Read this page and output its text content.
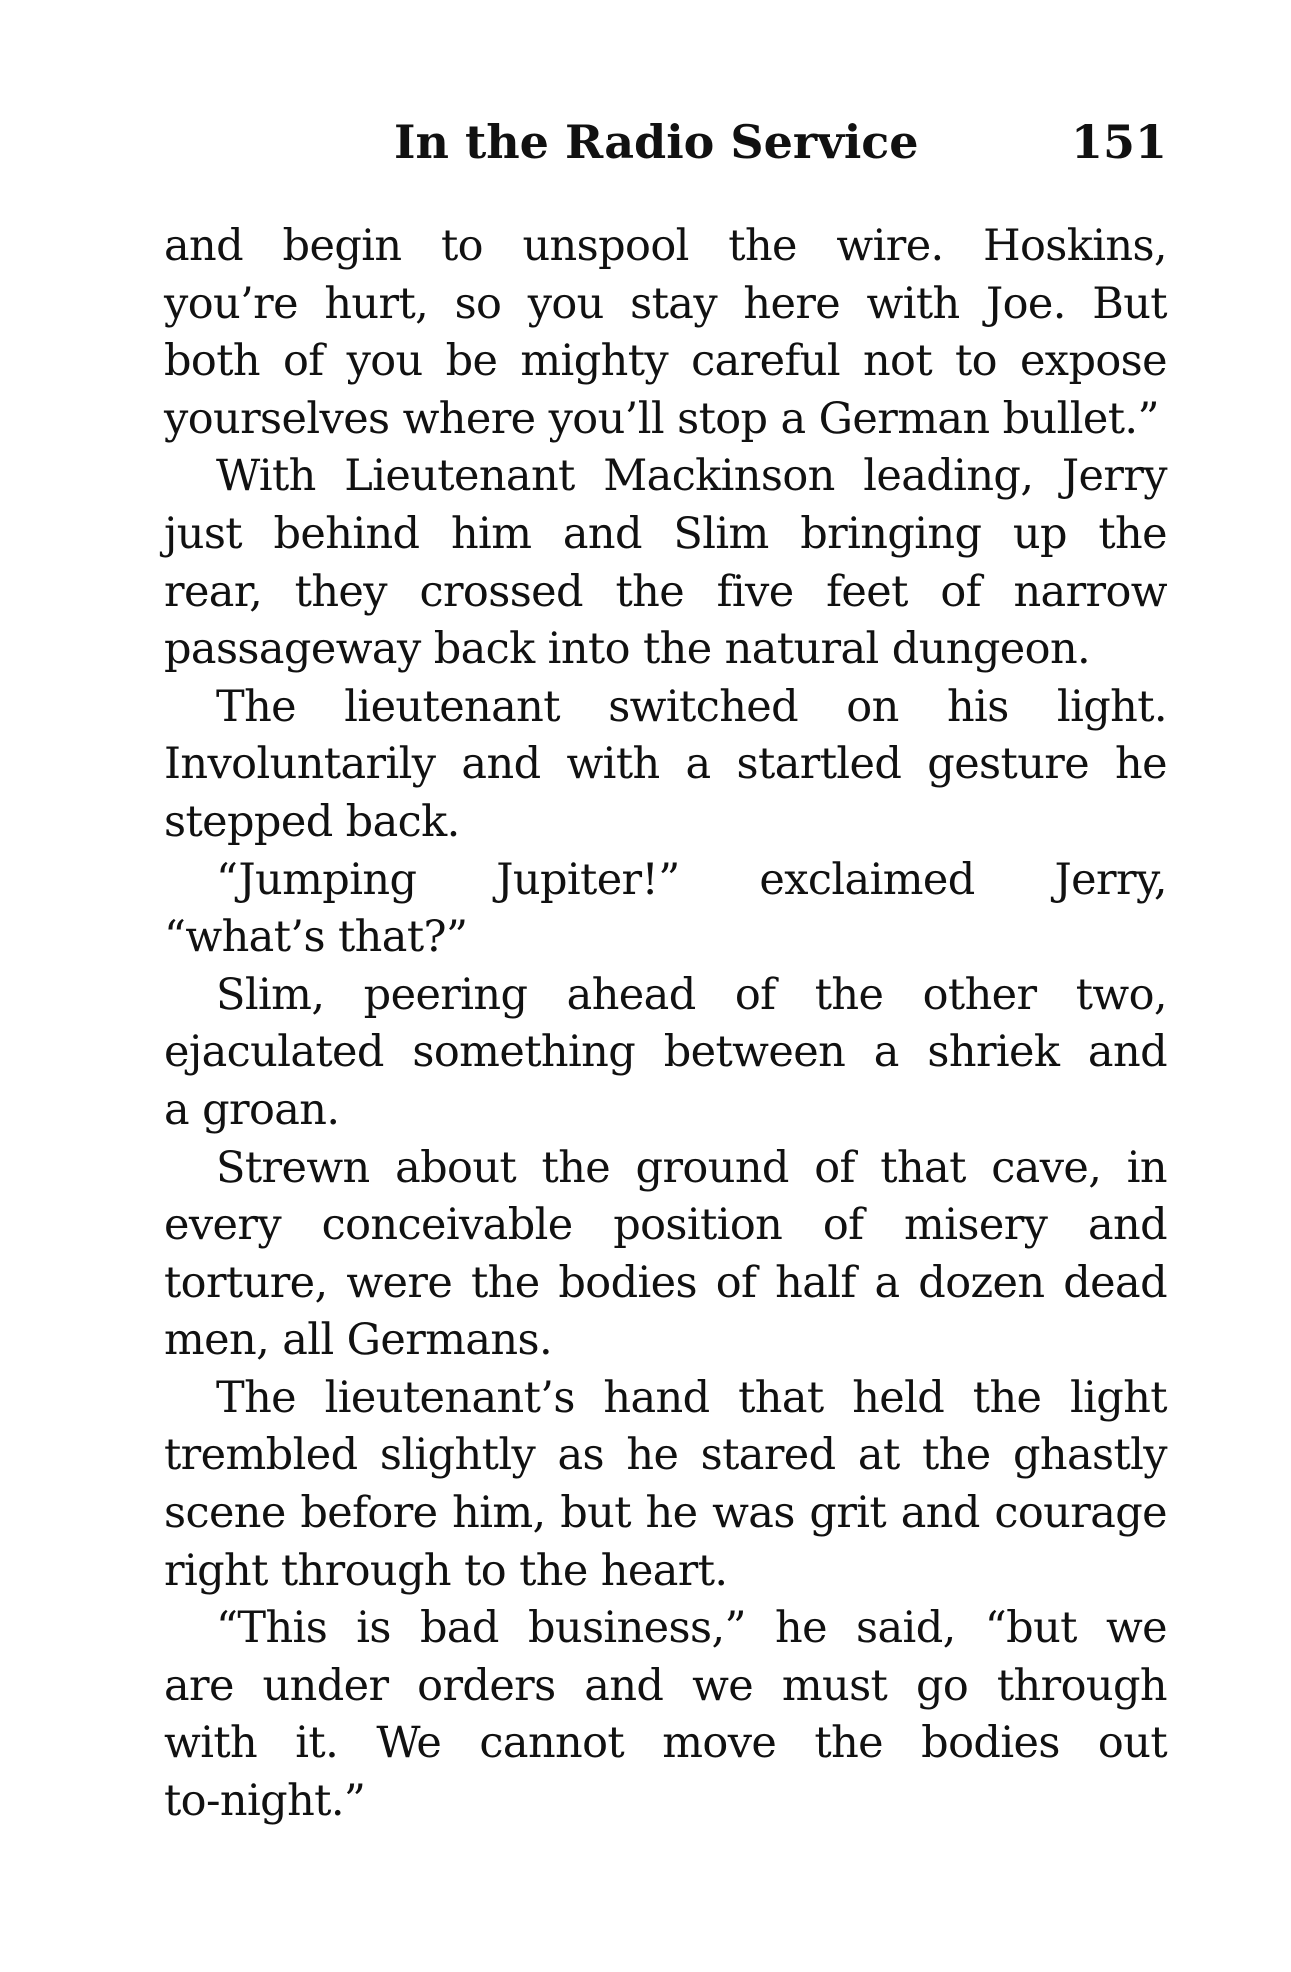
In the Radio Service	151
and begin to unspool the wire. Hoskins,
you’re hurt, so you stay here with Joe. But
both of you be mighty careful not to expose
yourselves where you’ll stop a German bullet.”
With Lieutenant Mackinson leading, Jerry
just behind him and Slim bringing up the
rear, they crossed the five feet of narrow
passageway back into the natural dungeon.
The lieutenant switched on his light.
Involuntarily and with a startled gesture he
stepped back.
“Jumping Jupiter!” exclaimed Jerry,
“what’s that?”
Slim, peering ahead of the other two,
ejaculated something between a shriek and
a groan.
Strewn about the ground of that cave, in
every conceivable position of misery and
torture, were the bodies of half a dozen dead
men, all Germans.
The lieutenant’s hand that held the light
trembled slightly as he stared at the ghastly
scene before him, but he was grit and courage
right through to the heart.
“This is bad business,” he said, “but we
are under orders and we must go through
with it. We cannot move the bodies out
to-night.”
